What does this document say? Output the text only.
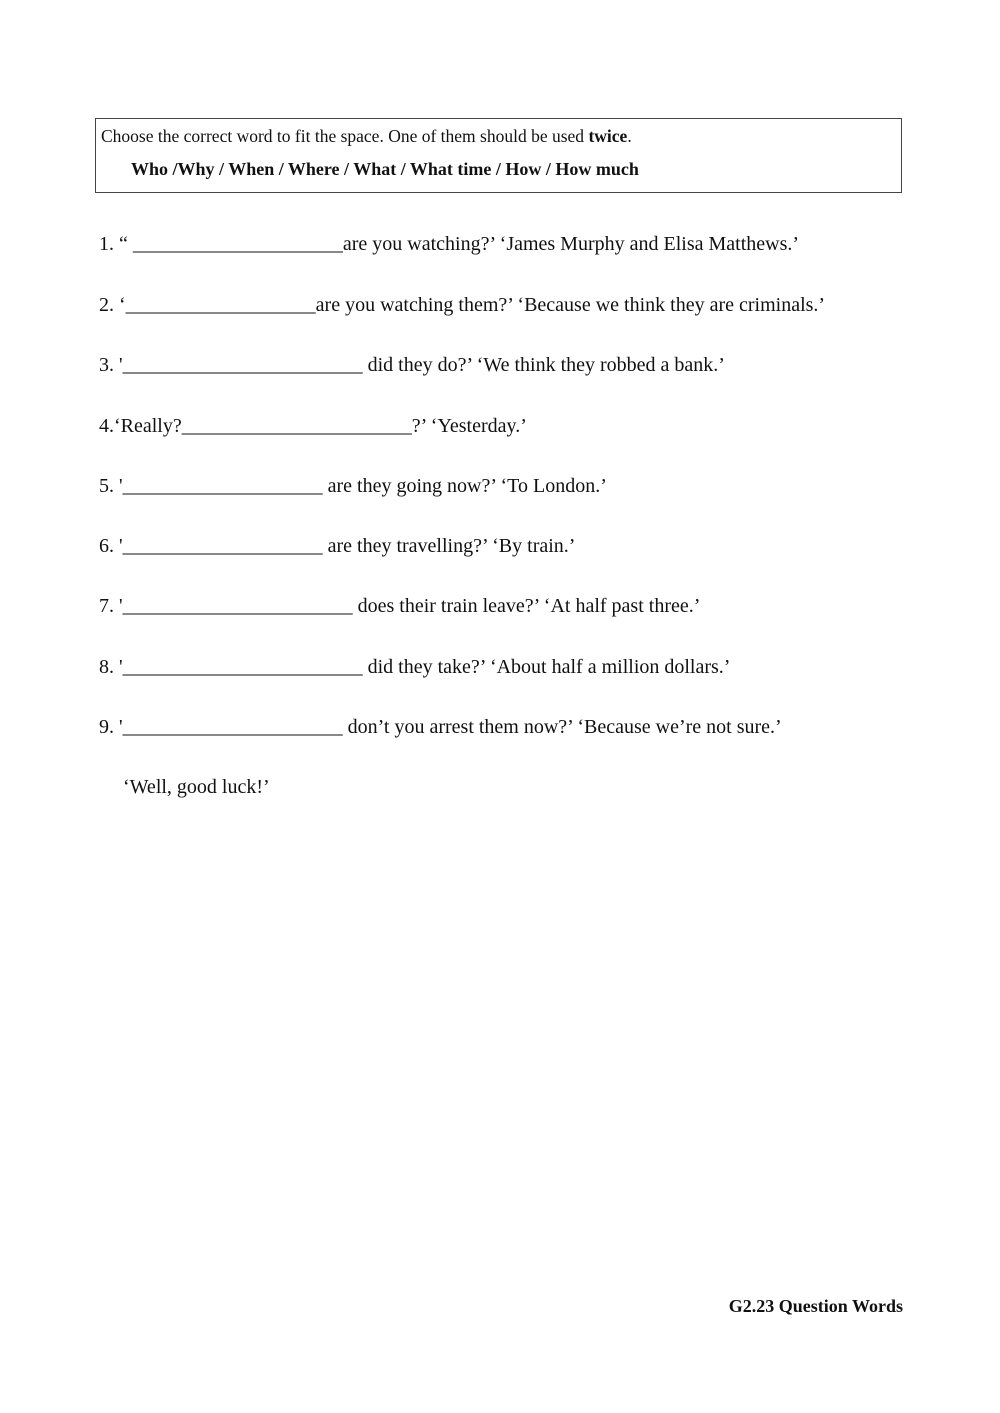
Choose the correct word to fit the space. One of them should be used twice.
Who /Why / When / Where / What / What time / How / How much
1. “ _____________________are you watching?’ ‘James Murphy and Elisa Matthews.’
2. ‘___________________are you watching them?’ ‘Because we think they are criminals.’
3. '________________________ did they do?’ ‘We think they robbed a bank.’
4.‘Really?_______________________?’ ‘Yesterday.’
5. '____________________ are they going now?’ ‘To London.’
6. '____________________ are they travelling?’ ‘By train.’
7. '_______________________ does their train leave?’ ‘At half past three.’
8. '________________________ did they take?’ ‘About half a million dollars.’
9. '______________________ don’t you arrest them now?’ ‘Because we’re not sure.’
‘Well, good luck!’
G2.23 Question Words
